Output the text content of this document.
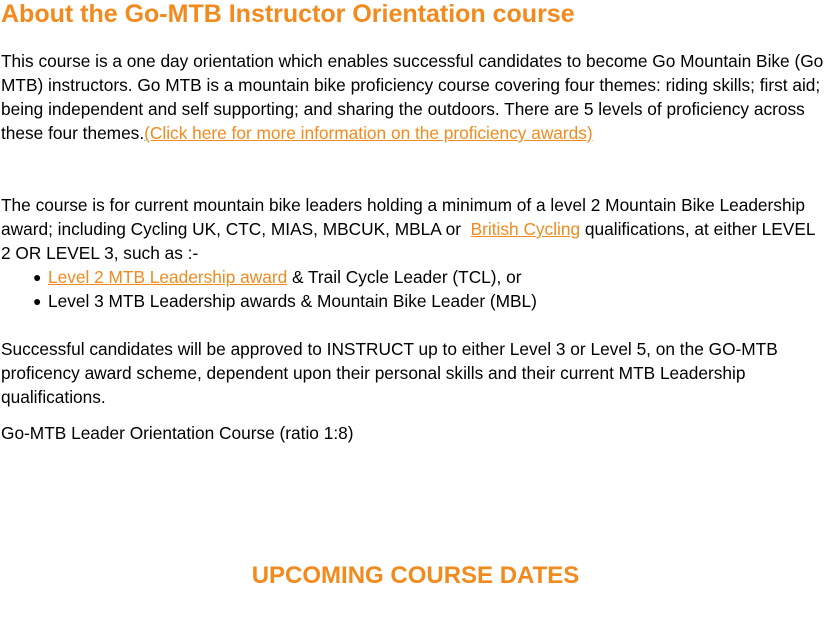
About the Go-MTB Instructor Orientation course

This course is a one day orientation which enables successful candidates to become Go Mountain Bike (Go MTB) instructors. Go MTB is a mountain bike proficiency course covering four themes: riding skills; first aid; being independent and self supporting; and sharing the outdoors. There are 5 levels of proficiency across these four themes.(Click here for more information on the proficiency awards)

The course is for current mountain bike leaders holding a minimum of a level 2 Mountain Bike Leadership award; including Cycling UK, CTC, MIAS, MBCUK, MBLA or  British Cycling qualifications, at either LEVEL 2 OR LEVEL 3, such as :-
● Level 2 MTB Leadership award & Trail Cycle Leader (TCL), or
● Level 3 MTB Leadership awards & Mountain Bike Leader (MBL)

Successful candidates will be approved to INSTRUCT up to either Level 3 or Level 5, on the GO-MTB proficency award scheme, dependent upon their personal skills and their current MTB Leadership qualifications.

Go-MTB Leader Orientation Course (ratio 1:8)

UPCOMING COURSE DATES
